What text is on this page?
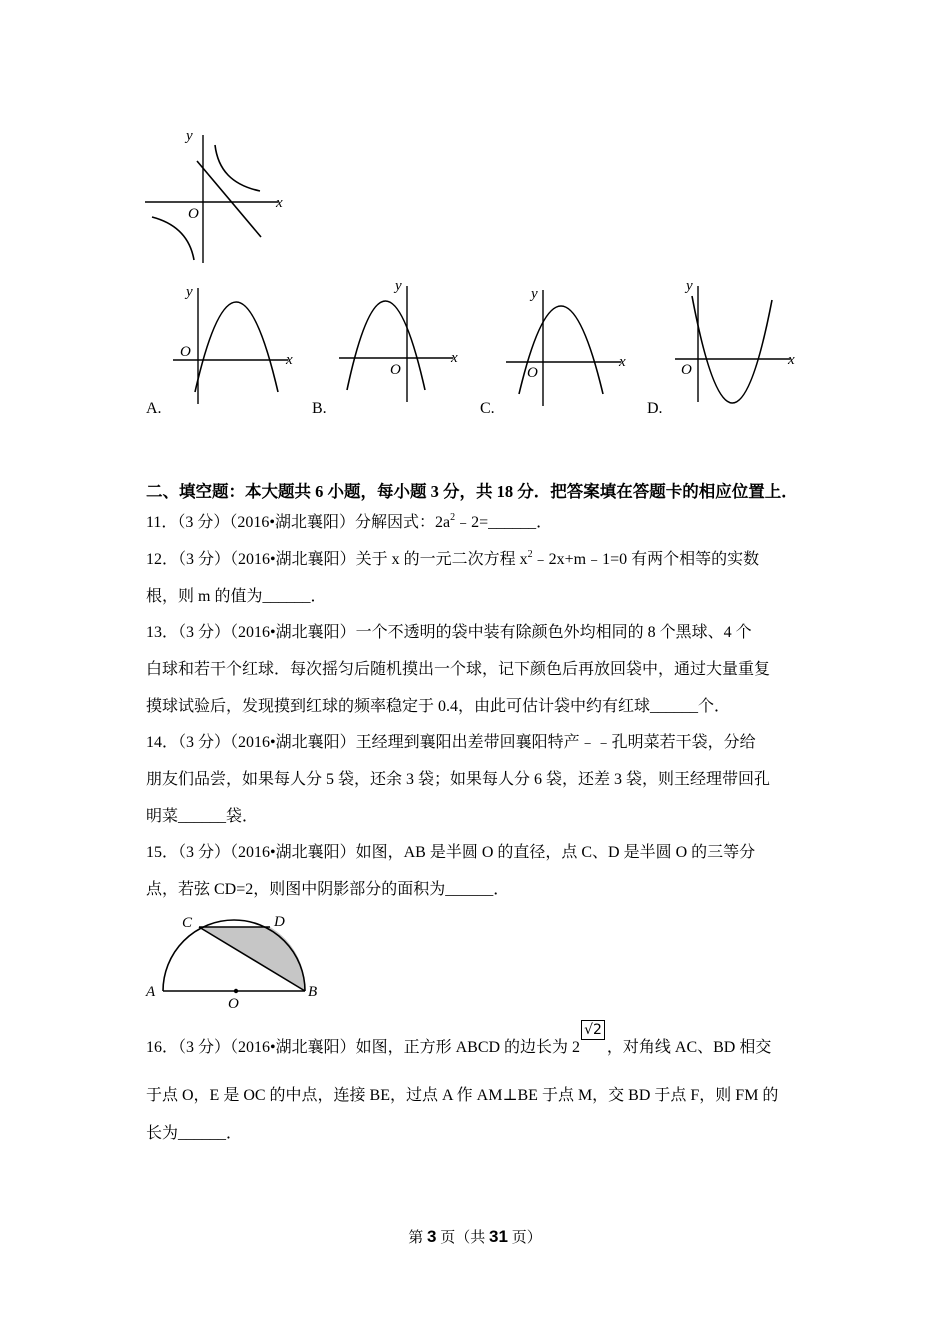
y
x
O
y
x
O
A.
y
x
O
B.
y
x
O
C.
y
x
O
D.
二、填空题：本大题共 6 小题，每小题 3 分，共 18 分．把答案填在答题卡的相应位置上．
11．（3 分）（2016•湖北襄阳）分解因式：$2a^2﹣2=\_\_\_\_\_\_$．
12．（3 分）（2016•湖北襄阳）关于 x 的一元二次方程 $x^2﹣2x+m﹣1=0$ 有两个相等的实数
根，则 m 的值为______．
13．（3 分）（2016•湖北襄阳）一个不透明的袋中装有除颜色外均相同的 8 个黑球、4 个
白球和若干个红球．每次摇匀后随机摸出一个球，记下颜色后再放回袋中，通过大量重复
摸球试验后，发现摸到红球的频率稳定于 0.4，由此可估计袋中约有红球______个．
14．（3 分）（2016•湖北襄阳）王经理到襄阳出差带回襄阳特产﹣﹣孔明菜若干袋，分给
朋友们品尝，如果每人分 5 袋，还余 3 袋；如果每人分 6 袋，还差 3 袋，则王经理带回孔
明菜______袋．
15．（3 分）（2016•湖北襄阳）如图，AB 是半圆 O 的直径，点 C、D 是半圆 O 的三等分
点，若弦 CD=2，则图中阴影部分的面积为______．
A	B
C	D
O
16．（3 分）（2016•湖北襄阳）如图，正方形 ABCD 的边长为 2√2，对角线 AC、BD 相交
于点 O，E 是 OC 的中点，连接 BE，过点 A 作 AM⊥BE 于点 M，交 BD 于点 F，则 FM 的
长为______．
第 3 页（共 31 页）
